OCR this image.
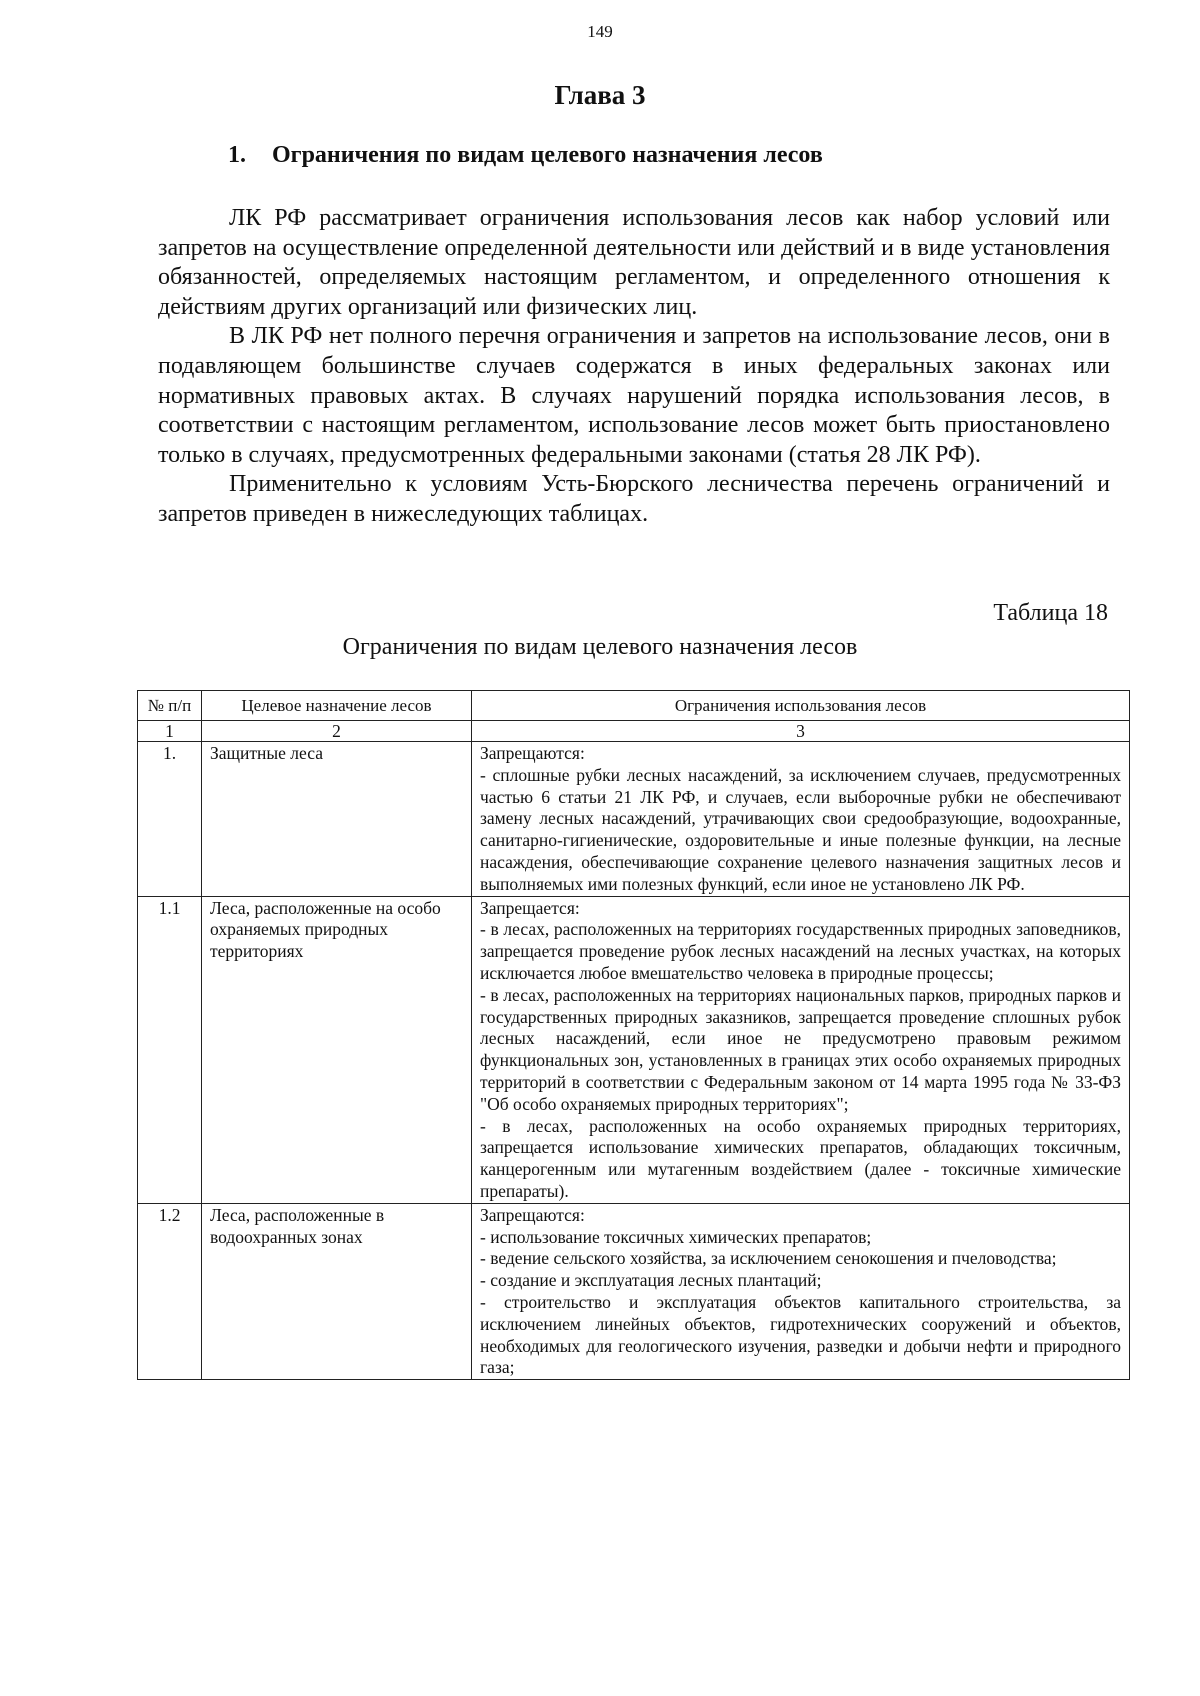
149
Глава 3
1. Ограничения по видам целевого назначения лесов

ЛК РФ рассматривает ограничения использования лесов как набор условий или запретов на осуществление определенной деятельности или действий и в виде установления обязанностей, определяемых настоящим регламентом, и определенного отношения к действиям других организаций или физических лиц.

В ЛК РФ нет полного перечня ограничения и запретов на использование лесов, они в подавляющем большинстве случаев содержатся в иных федеральных законах или нормативных правовых актах. В случаях нарушений порядка использования лесов, в соответствии с настоящим регламентом, использование лесов может быть приостановлено только в случаях, предусмотренных федеральными законами (статья 28 ЛК РФ).

Применительно к условиям Усть-Бюрского лесничества перечень ограничений и запретов приведен в нижеследующих таблицах.

Таблица 18
Ограничения по видам целевого назначения лесов
№ п/п	Целевое назначение лесов	Ограничения использования лесов
1	2	3
1.	Защитные леса	Запрещаются:
- сплошные рубки лесных насаждений, за исключением случаев, предусмотренных частью 6 статьи 21 ЛК РФ, и случаев, если выборочные рубки не обеспечивают замену лесных насаждений, утрачивающих свои средообразующие, водоохранные, санитарно-гигиенические, оздоровительные и иные полезные функции, на лесные насаждения, обеспечивающие сохранение целевого назначения защитных лесов и выполняемых ими полезных функций, если иное не установлено ЛК РФ.

1.1	Леса, расположенные на особо охраняемых природных территориях	Запрещается:
- в лесах, расположенных на территориях государственных природных заповедников, запрещается проведение рубок лесных насаждений на лесных участках, на которых исключается любое вмешательство человека в природные процессы;
- в лесах, расположенных на территориях национальных парков, природных парков и государственных природных заказников, запрещается проведение сплошных рубок лесных насаждений, если иное не предусмотрено правовым режимом функциональных зон, установленных в границах этих особо охраняемых природных территорий в соответствии с Федеральным законом от 14 марта 1995 года № 33-ФЗ "Об особо охраняемых природных территориях";
- в лесах, расположенных на особо охраняемых природных территориях, запрещается использование химических препаратов, обладающих токсичным, канцерогенным или мутагенным воздействием (далее - токсичные химические препараты).

1.2	Леса, расположенные в водоохранных зонах	Запрещаются:
- использование токсичных химических препаратов;
- ведение сельского хозяйства, за исключением сенокошения и пчеловодства;
- создание и эксплуатация лесных плантаций;
- строительство и эксплуатация объектов капитального строительства, за исключением линейных объектов, гидротехнических сооружений и объектов, необходимых для геологического изучения, разведки и добычи нефти и природного газа;
